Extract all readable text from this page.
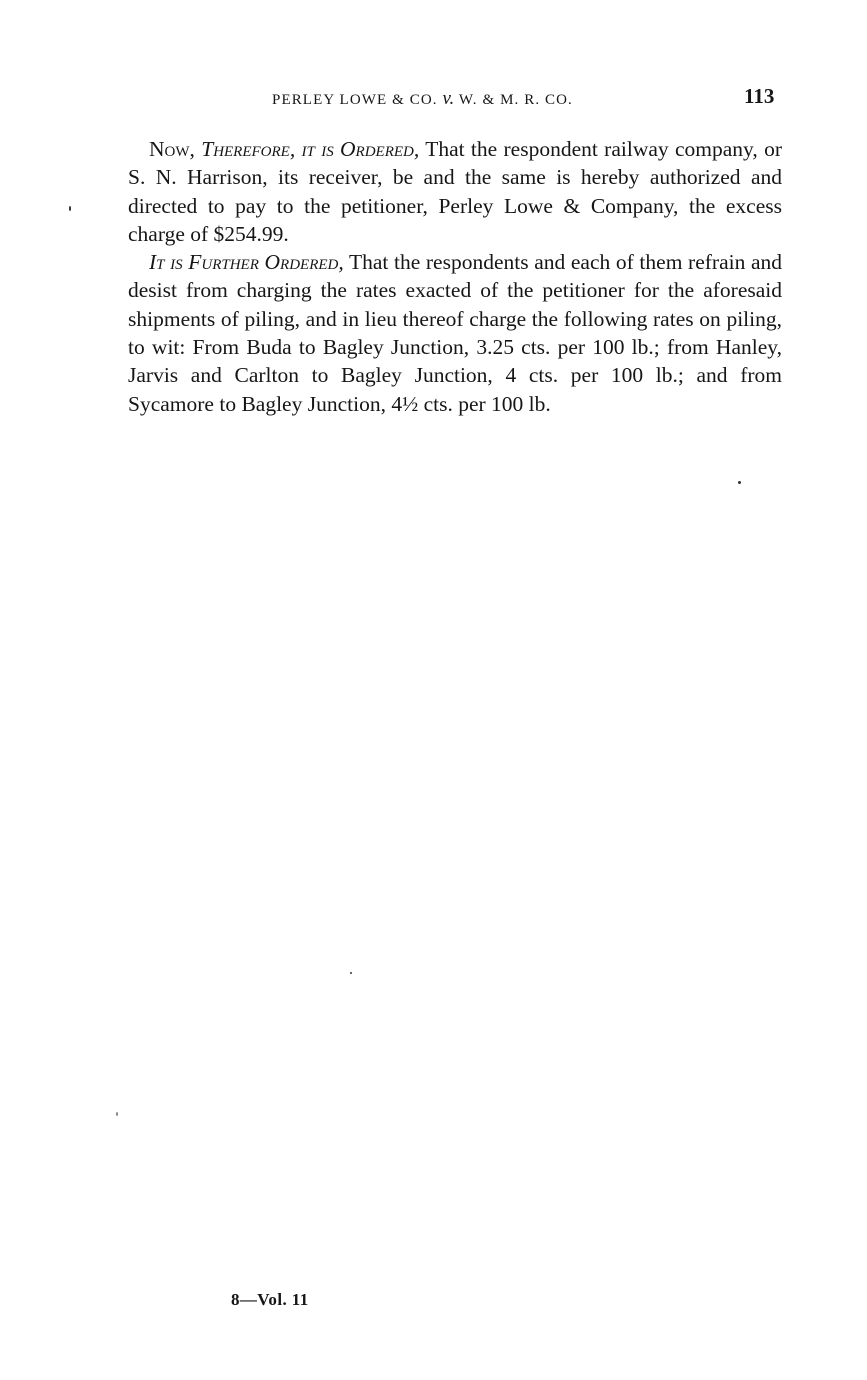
PERLEY LOWE & CO. v. W. & M. R. CO.	113

Now, Therefore, it is Ordered, That the respondent railway company, or S. N. Harrison, its receiver, be and the same is hereby authorized and directed to pay to the petitioner, Perley Lowe & Company, the excess charge of $254.99.

It is Further Ordered, That the respondents and each of them refrain and desist from charging the rates exacted of the petitioner for the aforesaid shipments of piling, and in lieu thereof charge the following rates on piling, to wit: From Buda to Bagley Junction, 3.25 cts. per 100 lb.; from Hanley, Jarvis and Carlton to Bagley Junction, 4 cts. per 100 lb.; and from Sycamore to Bagley Junction, 4½ cts. per 100 lb.

8—Vol. 11
